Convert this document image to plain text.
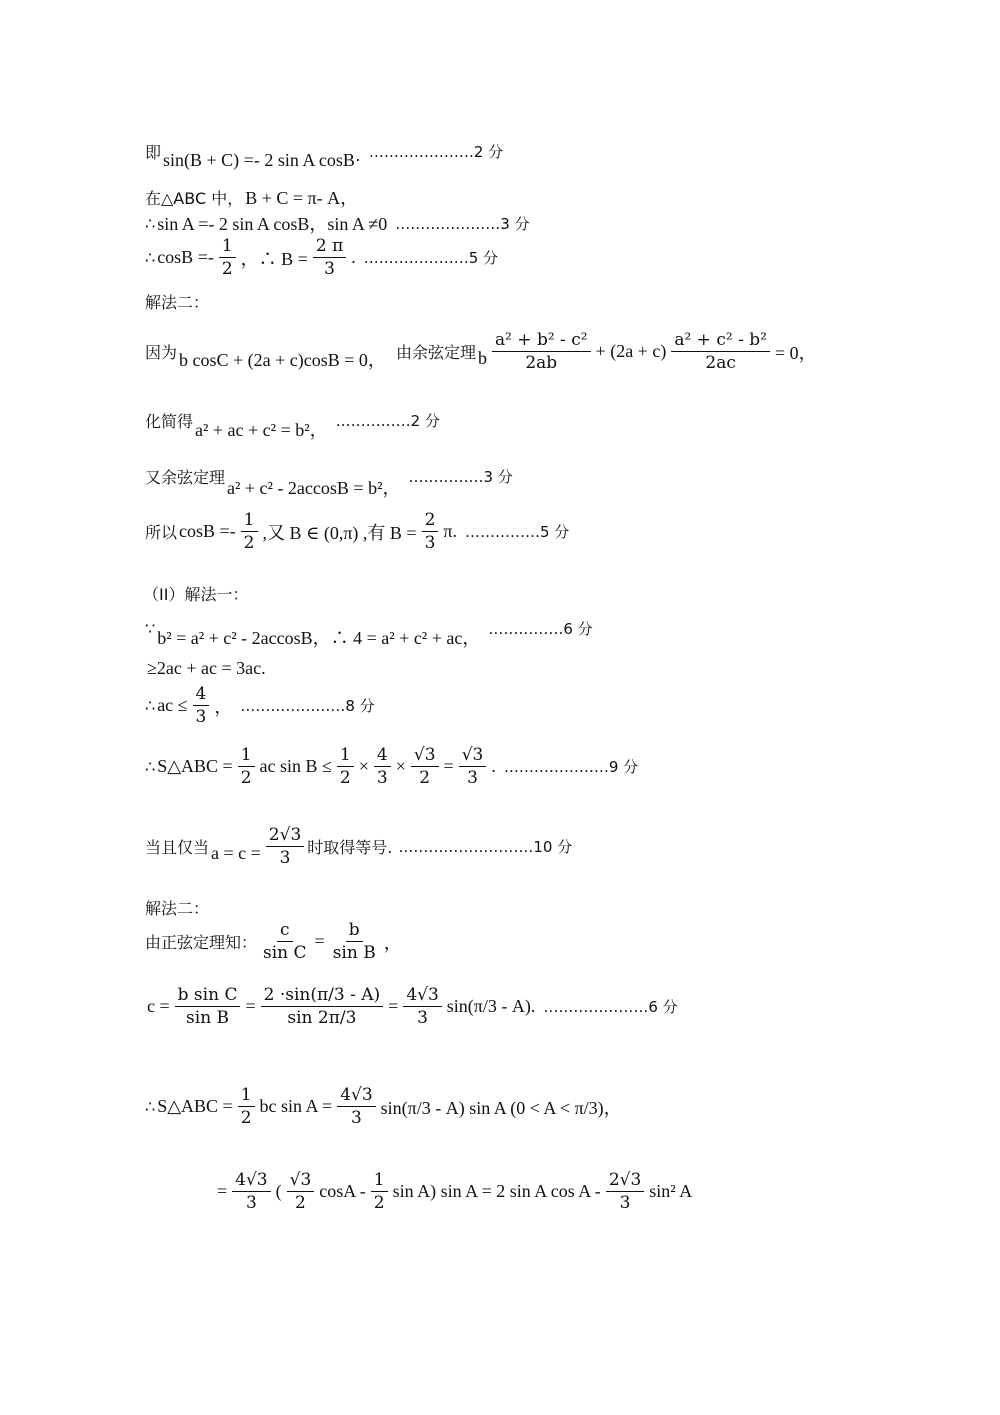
即 sin(B + C) =- 2 sin A cosB· …………………2 分
在△ABC 中， B + C = π- A，
∴ sin A =- 2 sin A cosB，sin A ≠0 …………………3 分
∴ $\cos B =- \frac{1}{2}$ ，∴ $B = \frac{2 \pi}{3}$ . …………………5 分
解法二：
因为 b cosC + (2a + c)cosB = 0， 由余弦定理 b $\frac{\text{a² + b² - c²}}{2ab} + (2a + c) \frac{\text{a² + c² - b²}}{2ac} = 0$，
化简得 a² + ac + c² = b²， ……………2 分
又余弦定理
a² + c² - 2accosB = b²，
……………3 分
所以 $\cos B =- \frac{1}{2}$ ,又 B ∈ (0,π) ,有 $B = \frac{2}{3} \pi$. ……………5 分
（II）解法一：
∵ b² = a² + c² - 2accosB，∴ 4 = a² + c² + ac， ……………6 分
≥2ac + ac = 3ac.
∴ ac ≤ $\frac{4}{3}$ ， …………………8 分
∴ S△ABC = $\frac{1}{2}$ ac $\sin B \le \frac{1}{2} \times \frac{4}{3} \times \frac{√3}{2} = \frac{√3}{3}$ . …………………9 分
当且仅当 $a = c = \frac{2√3}{3}$ 时取得等号. ………………………10 分
解法二：
由正弦定理知： $\frac{c}{\text{sin C}} = \frac{b}{\text{sin B}}$ ，
$c = \frac{\text{b sin C}}{\text{sin B}} = \frac{2 \cdot\sin(\pi/3 - A)}{\sin 2\pi/3} = \frac{4√3}{3} \sin(\pi/3 - A)$. …………………6 分
∴ S△ABC = $\frac{1}{2}$ bc $\sin A = \frac{4√3}{3} \sin(\pi/3 - A)$ sin A (0 < A < π/3)，
= $\frac{4√3}{3}$ ( $\frac{√3}{2}$ cosA - $\frac{1}{2}$ sin A) sin A = 2 sin A cos A - $\frac{2√3}{3} \sin^2$ A
